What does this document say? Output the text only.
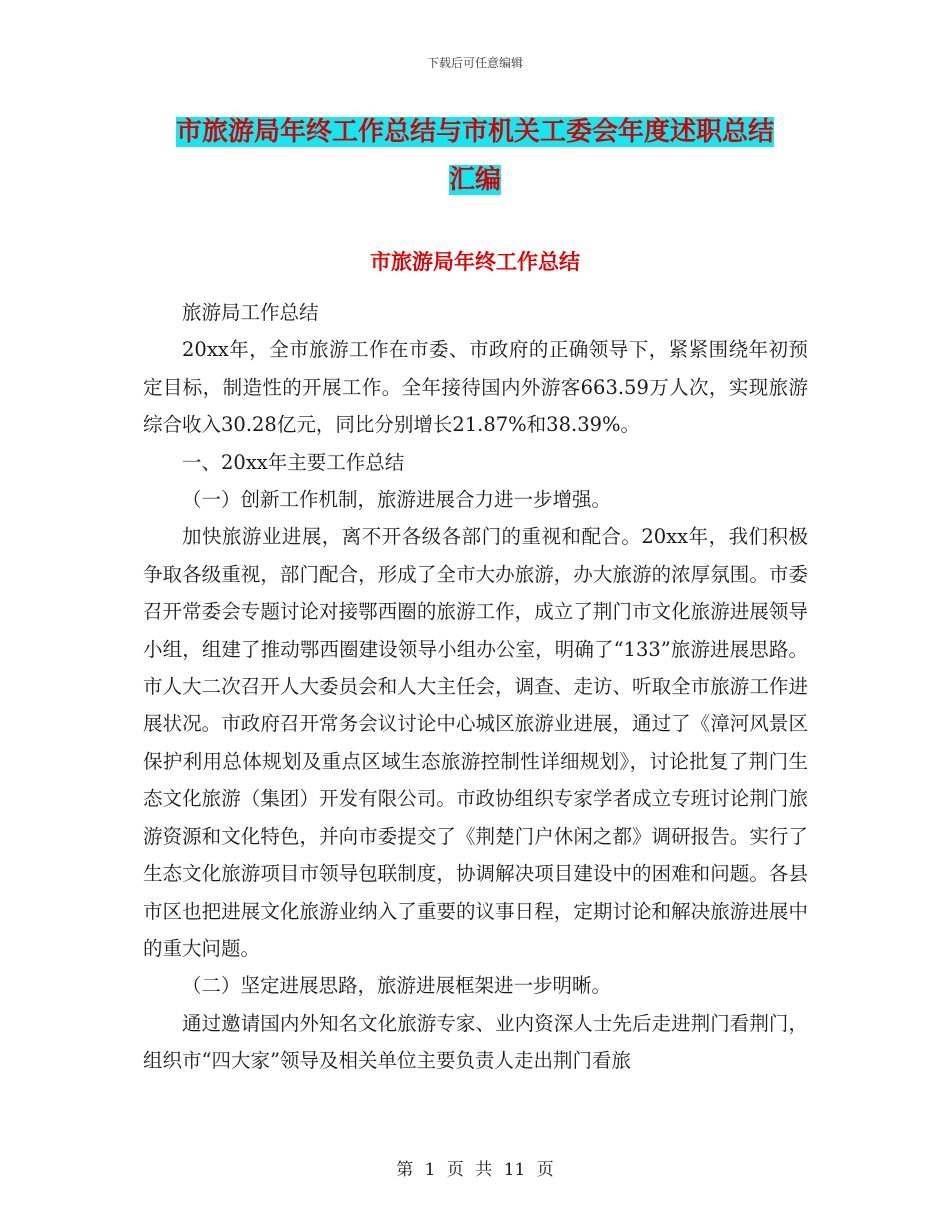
下载后可任意编辑
市旅游局年终工作总结与市机关工委会年度述职总结
汇编
市旅游局年终工作总结

旅游局工作总结

20xx年，全市旅游工作在市委、市政府的正确领导下，紧紧围绕年初预定目标，制造性的开展工作。全年接待国内外游客663.59万人次，实现旅游综合收入30.28亿元，同比分别增长21.87%和38.39%。

一、20xx年主要工作总结

（一）创新工作机制，旅游进展合力进一步增强。

加快旅游业进展，离不开各级各部门的重视和配合。20xx年，我们积极争取各级重视，部门配合，形成了全市大办旅游，办大旅游的浓厚氛围。市委召开常委会专题讨论对接鄂西圈的旅游工作，成立了荆门市文化旅游进展领导小组，组建了推动鄂西圈建设领导小组办公室，明确了“133”旅游进展思路。市人大二次召开人大委员会和人大主任会，调查、走访、听取全市旅游工作进展状况。市政府召开常务会议讨论中心城区旅游业进展，通过了《漳河风景区保护利用总体规划及重点区域生态旅游控制性详细规划》，讨论批复了荆门生态文化旅游（集团）开发有限公司。市政协组织专家学者成立专班讨论荆门旅游资源和文化特色，并向市委提交了《荆楚门户休闲之都》调研报告。实行了生态文化旅游项目市领导包联制度，协调解决项目建设中的困难和问题。各县市区也把进展文化旅游业纳入了重要的议事日程，定期讨论和解决旅游进展中的重大问题。

（二）坚定进展思路，旅游进展框架进一步明晰。

通过邀请国内外知名文化旅游专家、业内资深人士先后走进荆门看荆门，组织市“四大家”领导及相关单位主要负责人走出荆门看旅

第 1 页 共 11 页
